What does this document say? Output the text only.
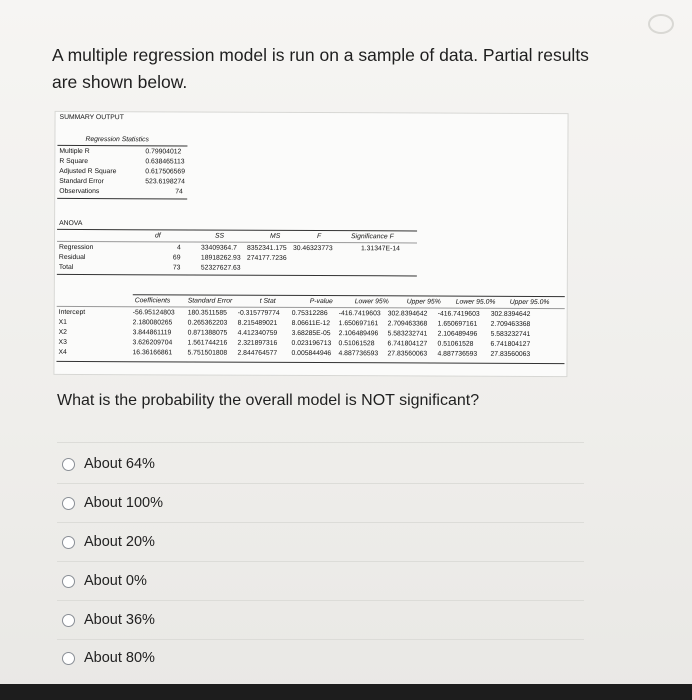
A multiple regression model is run on a sample of data. Partial results are shown below.
SUMMARY OUTPUT
Regression Statistics
Multiple R	0.79904012
R Square	0.638465113
Adjusted R Square	0.617506569
Standard Error	523.6198274
Observations	74
ANOVA
df	SS	MS	F	Significance F
Regression	4	33409364.7 8352341.175 30.46323773	1.31347E-14
Residual	69	18918262.93 274177.7236
Total	73	52327627.63
Coefficients	Standard Error	t Stat	P-value	Lower 95%	Upper 95% Lower 95.0% Upper 95.0%
Intercept	-56.95124803 180.3511585 -0.315779774 0.75312286 -416.7419603 302.8394642 -416.7419603 302.8394642
X1	2.180080265 0.265362203 8.215489021 8.06611E-12 1.650697161 2.709463368 1.650697161 2.709463368
X2	3.844861119 0.871388075 4.412340759 3.68285E-05 2.106489496 5.583232741 2.106489496 5.583232741
X3	3.626209704 1.561744216 2.321897316 0.023196713 0.51061528 6.741804127 0.51061528	6.741804127
X4	16.36166861 5.751501808 2.844764577 0.005844946 4.887736593 27.83560063 4.887736593 27.83560063
What is the probability the overall model is NOT significant?
About 64%
About 100%
About 20%
About 0%
About 36%
About 80%
